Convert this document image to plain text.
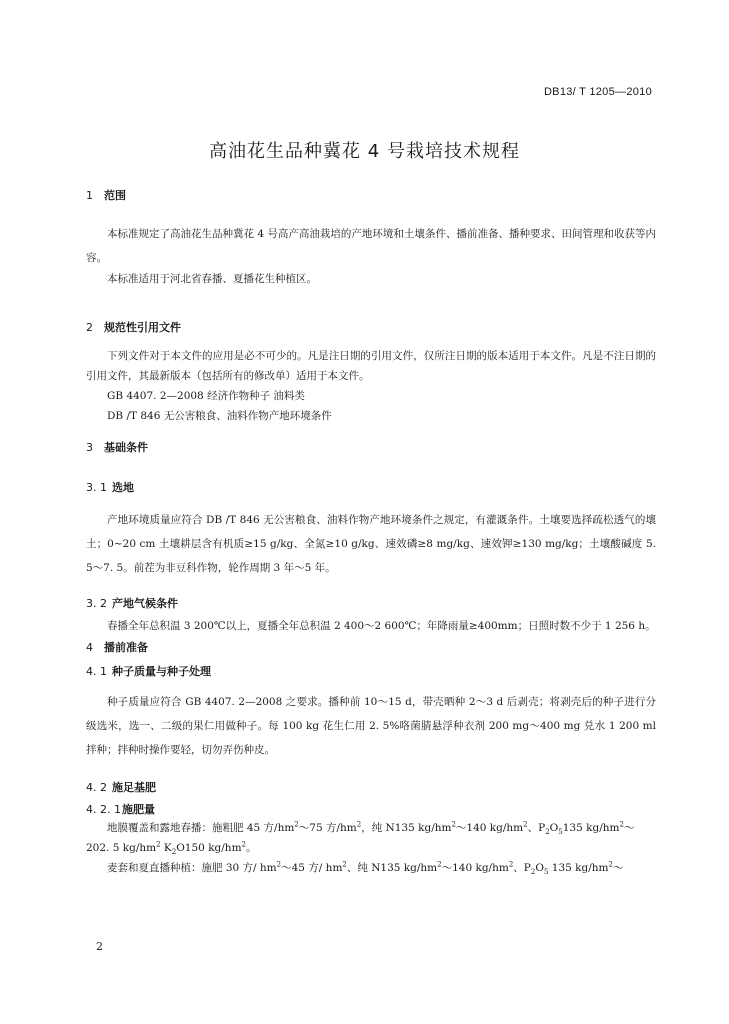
DB13/ T 1205—2010
高油花生品种冀花 4 号栽培技术规程
1 范围

本标准规定了高油花生品种冀花 4 号高产高油栽培的产地环境和土壤条件、播前准备、播种要求、田间管理和收获等内容。

本标准适用于河北省春播、夏播花生种植区。

2 规范性引用文件

下列文件对于本文件的应用是必不可少的。凡是注日期的引用文件，仅所注日期的版本适用于本文件。凡是不注日期的引用文件，其最新版本（包括所有的修改单）适用于本文件。

GB 4407. 2—2008 经济作物种子 油料类

DB /T 846 无公害粮食、油料作物产地环境条件

3 基础条件
3. 1 选地

产地环境质量应符合 DB /T 846 无公害粮食、油料作物产地环境条件之规定，有灌溉条件。土壤要选择疏松透气的壤土；0~20 cm 土壤耕层含有机质≥15 g/kg、全氮≥10 g/kg、速效磷≥8 mg/kg、速效钾≥130 mg/kg；土壤酸碱度 5. 5～7. 5。前茬为非豆科作物，轮作周期 3 年～5 年。

3. 2 产地气候条件

春播全年总积温 3 200℃以上，夏播全年总积温 2 400～2 600℃；年降雨量≥400mm；日照时数不少于 1 256 h。

4 播前准备
4. 1 种子质量与种子处理

种子质量应符合 GB 4407. 2—2008 之要求。播种前 10～15 d，带壳晒种 2～3 d 后剥壳；将剥壳后的种子进行分级选米，选一、二级的果仁用做种子。每 100 kg 花生仁用 2. 5%咯菌腈悬浮种衣剂 200 mg～400 mg 兑水 1 200 ml 拌种；拌种时操作要轻，切勿弄伤种皮。

4. 2 施足基肥
4. 2. 1施肥量

地膜覆盖和露地春播：施粗肥 45 方$/hm^2\sim 75$ 方$/hm^2$，纯 N135 $kg/hm^2\sim 140$ $kg/hm^2$、$P_2O_5135$ $kg/hm^2\sim$

202. 5 $kg/hm^2$ $K_2O150$ $kg/hm^2$。

麦套和夏直播种植：施肥 30 方/ $hm^2\sim 45$ 方/ $hm^2$、纯 N135 $kg/hm^2\sim 140$ $kg/hm^2$、$P_2O_5$ 135 $kg/hm^2\sim$

2
